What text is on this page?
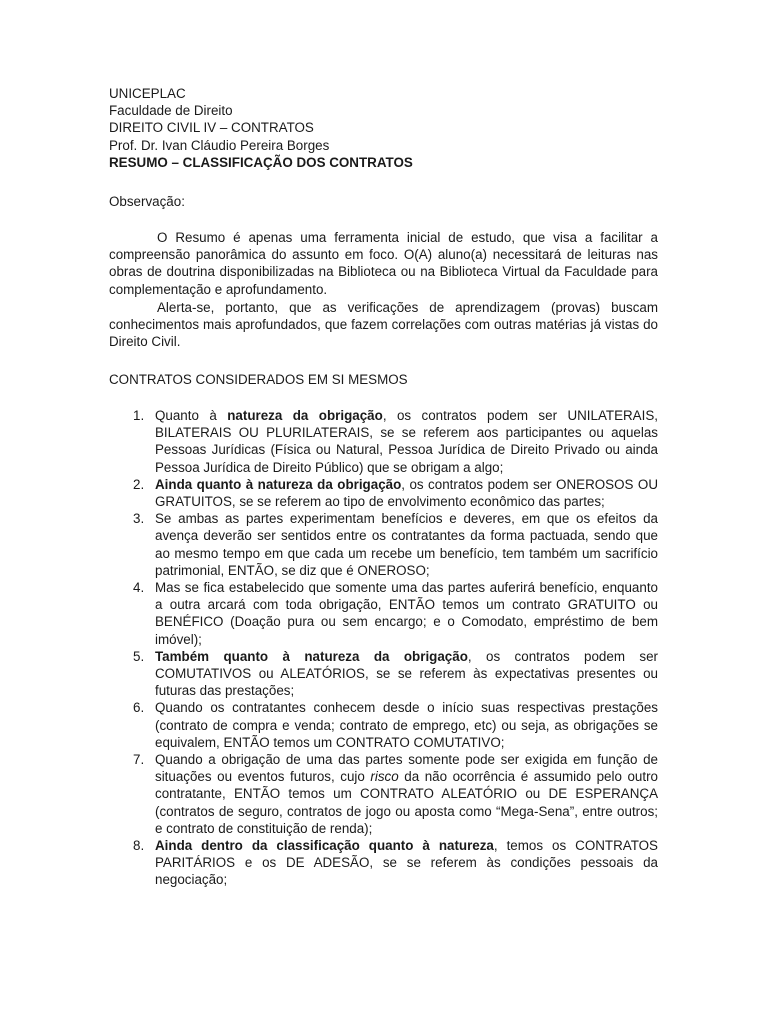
UNICEPLAC
Faculdade de Direito
DIREITO CIVIL IV – CONTRATOS
Prof. Dr. Ivan Cláudio Pereira Borges
RESUMO – CLASSIFICAÇÃO DOS CONTRATOS
Observação:
O Resumo é apenas uma ferramenta inicial de estudo, que visa a facilitar a compreensão panorâmica do assunto em foco. O(A) aluno(a) necessitará de leituras nas obras de doutrina disponibilizadas na Biblioteca ou na Biblioteca Virtual da Faculdade para complementação e aprofundamento.
Alerta-se, portanto, que as verificações de aprendizagem (provas) buscam conhecimentos mais aprofundados, que fazem correlações com outras matérias já vistas do Direito Civil.
CONTRATOS CONSIDERADOS EM SI MESMOS
1. Quanto à natureza da obrigação, os contratos podem ser UNILATERAIS, BILATERAIS OU PLURILATERAIS, se se referem aos participantes ou aquelas Pessoas Jurídicas (Física ou Natural, Pessoa Jurídica de Direito Privado ou ainda Pessoa Jurídica de Direito Público) que se obrigam a algo;
2. Ainda quanto à natureza da obrigação, os contratos podem ser ONEROSOS OU GRATUITOS, se se referem ao tipo de envolvimento econômico das partes;
3. Se ambas as partes experimentam benefícios e deveres, em que os efeitos da avença deverão ser sentidos entre os contratantes da forma pactuada, sendo que ao mesmo tempo em que cada um recebe um benefício, tem também um sacrifício patrimonial, ENTÃO, se diz que é ONEROSO;
4. Mas se fica estabelecido que somente uma das partes auferirá benefício, enquanto a outra arcará com toda obrigação, ENTÃO temos um contrato GRATUITO ou BENÉFICO (Doação pura ou sem encargo; e o Comodato, empréstimo de bem imóvel);
5. Também quanto à natureza da obrigação, os contratos podem ser COMUTATIVOS ou ALEATÓRIOS, se se referem às expectativas presentes ou futuras das prestações;
6. Quando os contratantes conhecem desde o início suas respectivas prestações (contrato de compra e venda; contrato de emprego, etc) ou seja, as obrigações se equivalem, ENTÃO temos um CONTRATO COMUTATIVO;
7. Quando a obrigação de uma das partes somente pode ser exigida em função de situações ou eventos futuros, cujo risco da não ocorrência é assumido pelo outro contratante, ENTÃO temos um CONTRATO ALEATÓRIO ou DE ESPERANÇA (contratos de seguro, contratos de jogo ou aposta como “Mega-Sena”, entre outros; e contrato de constituição de renda);
8. Ainda dentro da classificação quanto à natureza, temos os CONTRATOS PARITÁRIOS e os DE ADESÃO, se se referem às condições pessoais da negociação;
